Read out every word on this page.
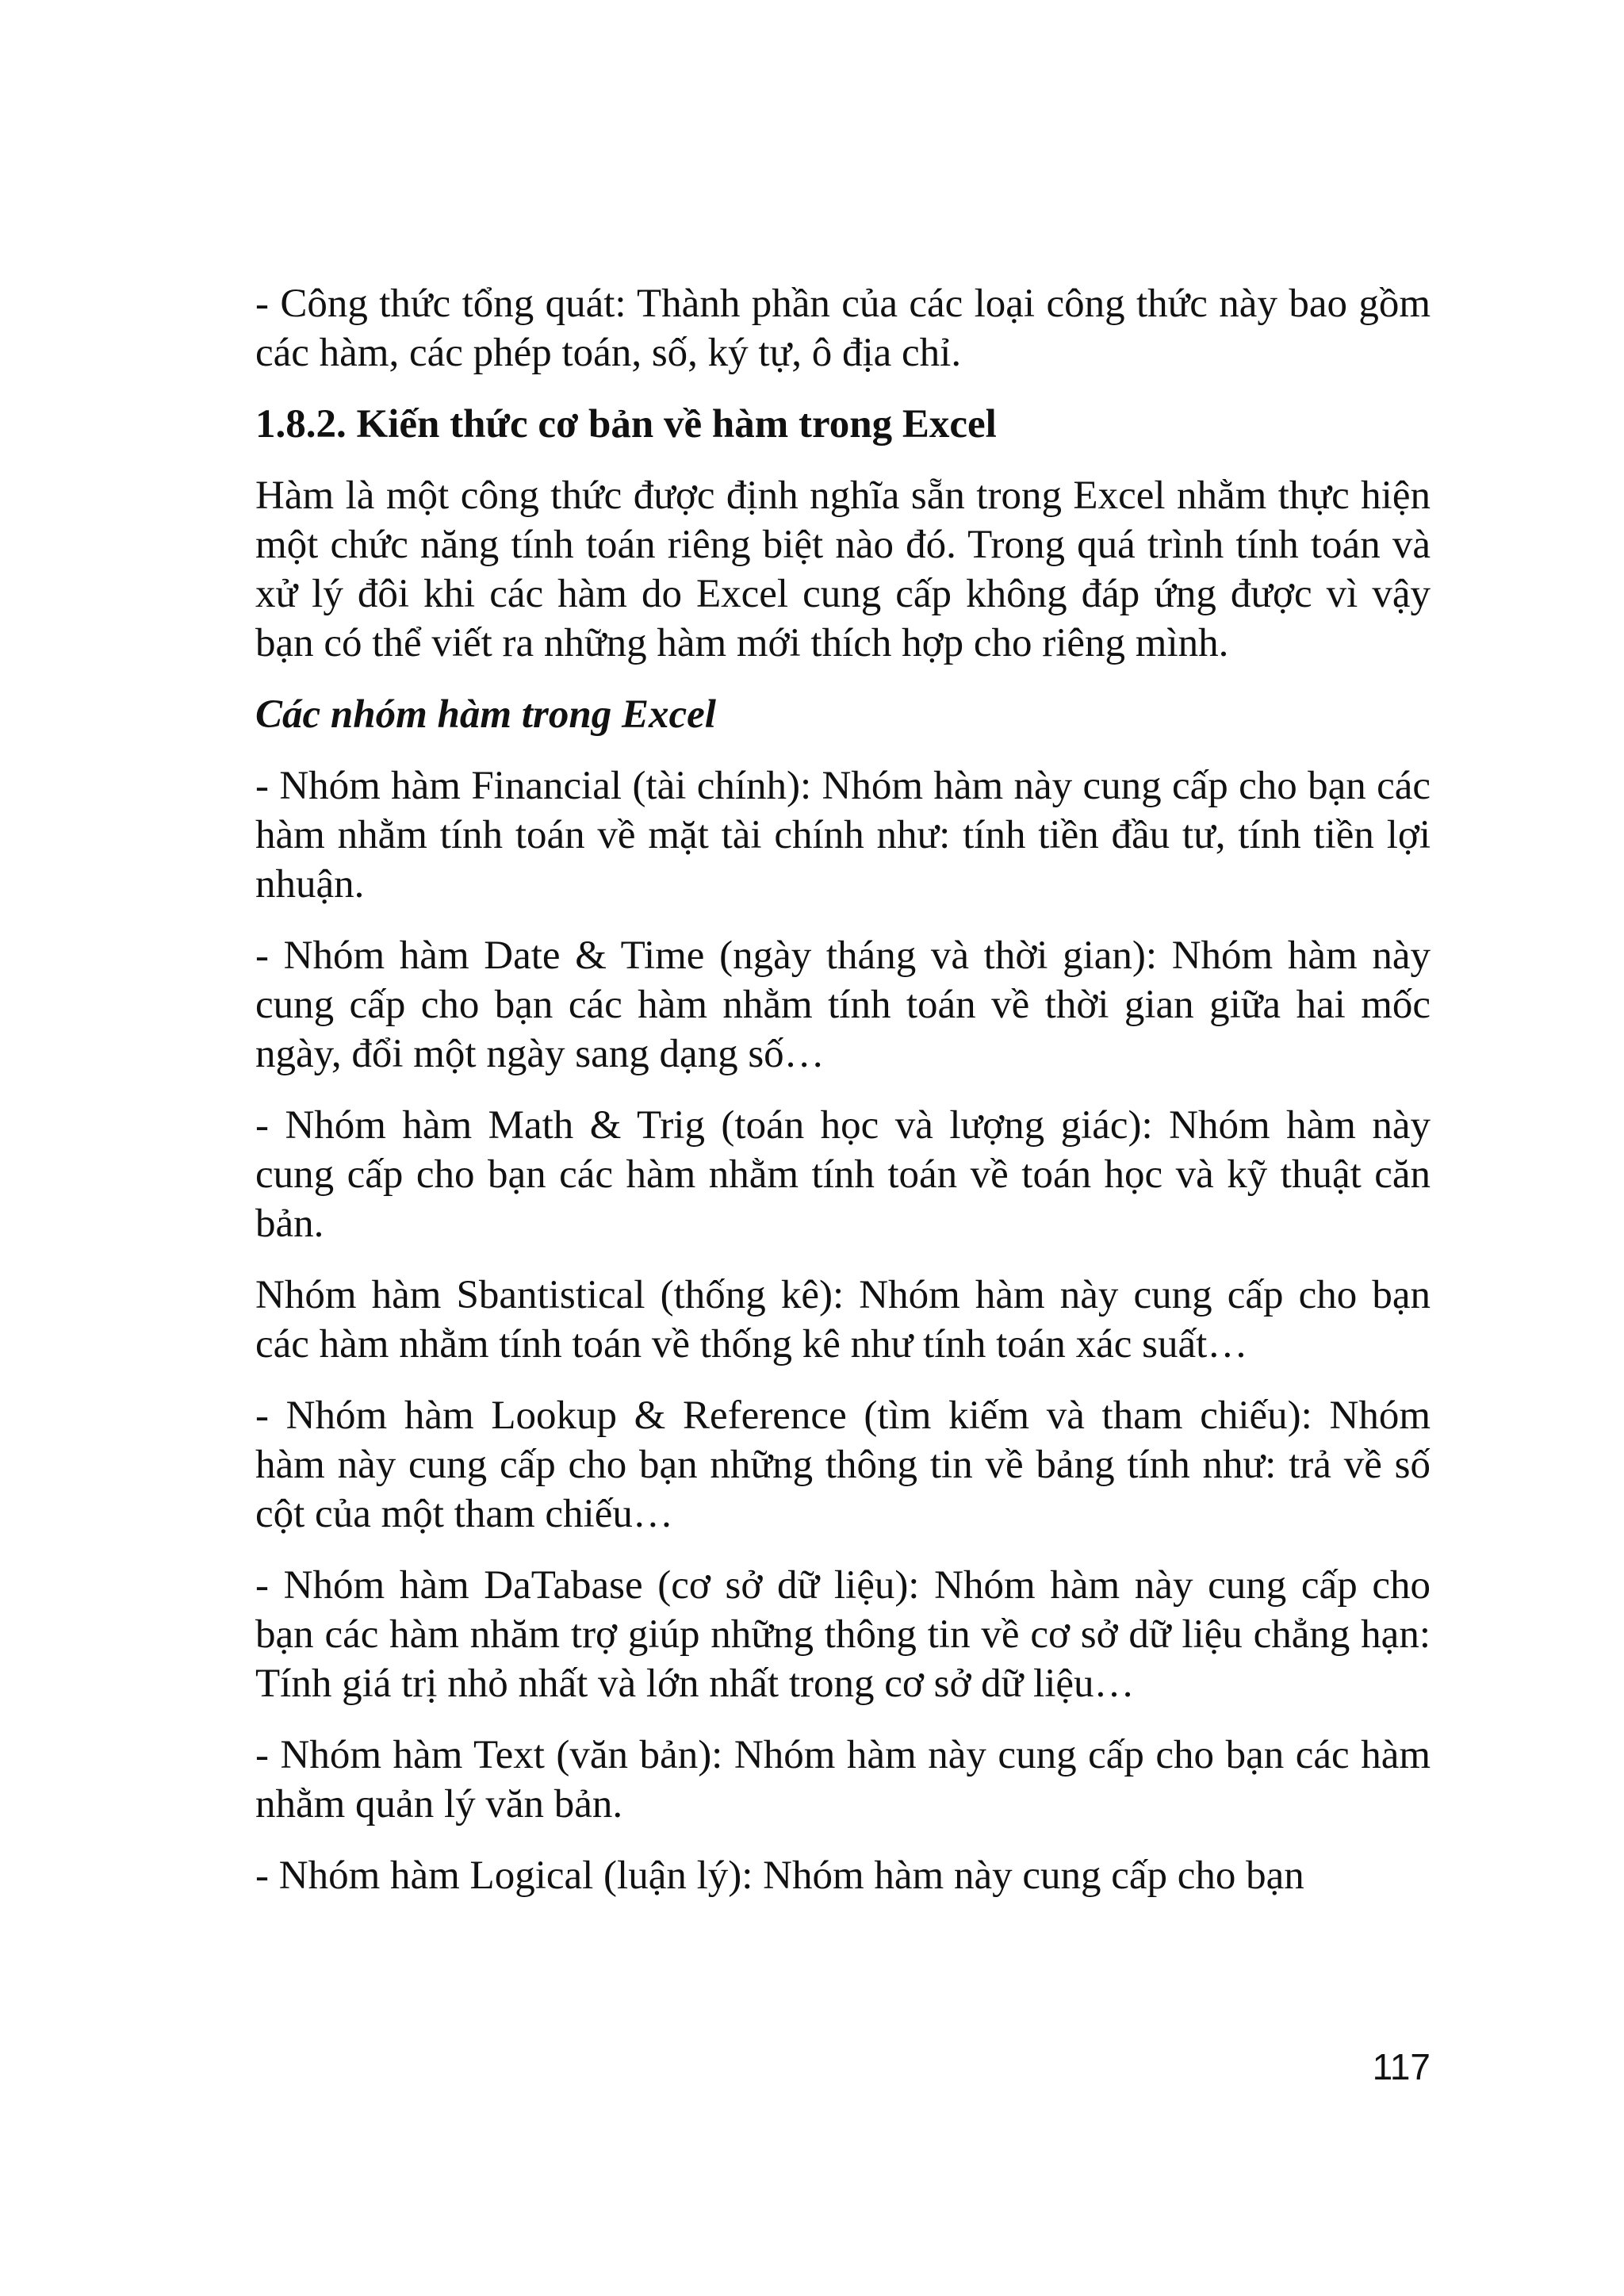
- Công thức tổng quát: Thành phần của các loại công thức này bao gồm các hàm, các phép toán, số, ký tự, ô địa chỉ.

1.8.2. Kiến thức cơ bản về hàm trong Excel

Hàm là một công thức được định nghĩa sẵn trong Excel nhằm thực hiện một chức năng tính toán riêng biệt nào đó. Trong quá trình tính toán và xử lý đôi khi các hàm do Excel cung cấp không đáp ứng được vì vậy bạn có thể viết ra những hàm mới thích hợp cho riêng mình.

Các nhóm hàm trong Excel

- Nhóm hàm Financial (tài chính): Nhóm hàm này cung cấp cho bạn các hàm nhằm tính toán về mặt tài chính như: tính tiền đầu tư, tính tiền lợi nhuận.

- Nhóm hàm Date & Time (ngày tháng và thời gian): Nhóm hàm này cung cấp cho bạn các hàm nhằm tính toán về thời gian giữa hai mốc ngày, đổi một ngày sang dạng số…

- Nhóm hàm Math & Trig (toán học và lượng giác): Nhóm hàm này cung cấp cho bạn các hàm nhằm tính toán về toán học và kỹ thuật căn bản.

Nhóm hàm Sbantistical (thống kê): Nhóm hàm này cung cấp cho bạn các hàm nhằm tính toán về thống kê như tính toán xác suất…

- Nhóm hàm Lookup & Reference (tìm kiếm và tham chiếu): Nhóm hàm này cung cấp cho bạn những thông tin về bảng tính như: trả về số cột của một tham chiếu…

- Nhóm hàm DaTabase (cơ sở dữ liệu): Nhóm hàm này cung cấp cho bạn các hàm nhăm trợ giúp những thông tin về cơ sở dữ liệu chẳng hạn: Tính giá trị nhỏ nhất và lớn nhất trong cơ sở dữ liệu…

- Nhóm hàm Text (văn bản): Nhóm hàm này cung cấp cho bạn các hàm nhằm quản lý văn bản.

- Nhóm hàm Logical (luận lý): Nhóm hàm này cung cấp cho bạn

117
